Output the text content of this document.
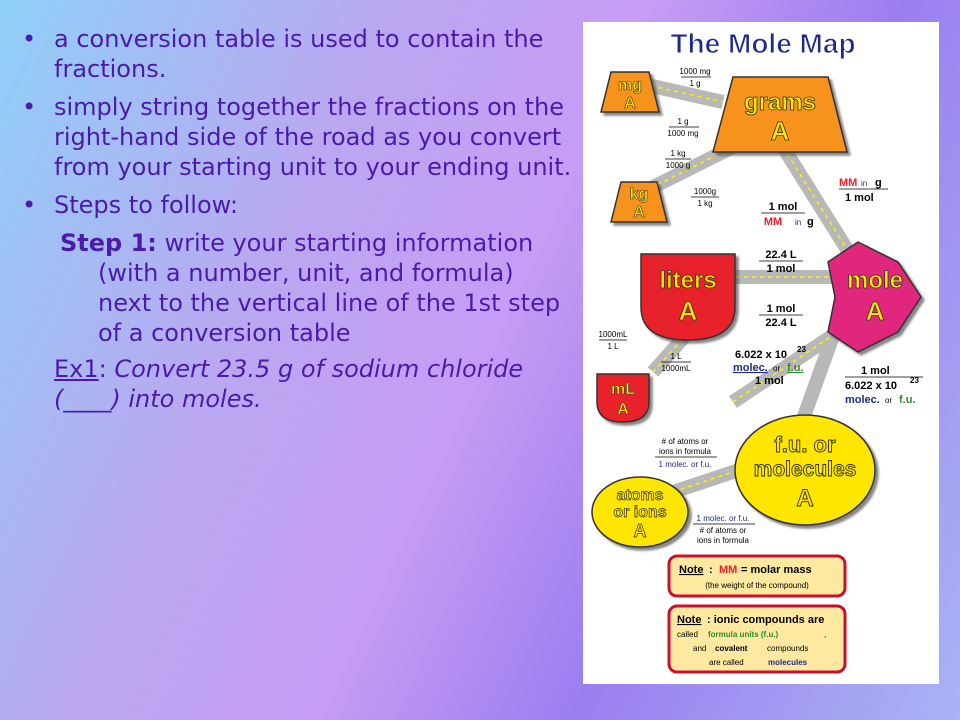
• a conversion table is used to contain the fractions.
• simply string together the fractions on the right-hand side of the road as you convert from your starting unit to your ending unit.
• Steps to follow:
Step 1: write your starting information
(with a number, unit, and formula) next to the vertical line of the 1st step of a conversion table
Ex1: Convert 23.5 g of sodium chloride (____) into moles.
The Mole Map
mg
A	grams
A
kg
A
liters
A
mole
A
mL
A
f.u. or
molecules
A
atoms
or ions
A
1000 mg
1 g
1 g
1000 mg
1 kg
1000 g
1000g
1 kg
MM in g
1 mol
1 mol
MM in g
22.4 L
1 mol
1 mol
22.4 L
1000mL
1 L
1 L
1000mL
6.022 x 10 23
molec. or f.u.
1 mol
1 mol
6.022 x 10 23
molec. or f.u.
# of atoms or
ions in formula
1 molec. or f.u.
1 molec. or f.u.
# of atoms or
ions in formula
Note : MM = molar mass
(the weight of the compound)
Note : ionic compounds are
called formula units (f.u.)	,
and covalent compounds
are called	molecules
